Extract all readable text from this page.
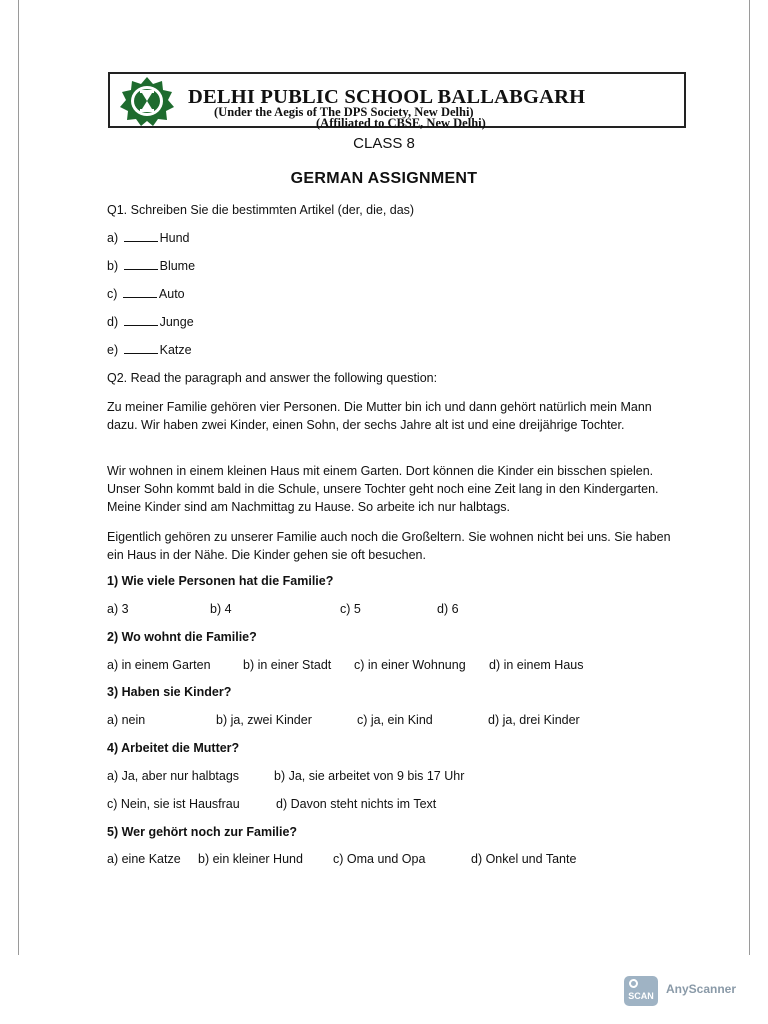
DELHI PUBLIC SCHOOL BALLABGARH
(Under the Aegis of The DPS Society, New Delhi)
(Affiliated to CBSE, New Delhi)
CLASS 8
GERMAN ASSIGNMENT
Q1. Schreiben Sie die bestimmten Artikel (der, die, das)
a)	Hund
b)	Blume
c)	Auto
d)	Junge
e)	Katze
Q2. Read the paragraph and answer the following question:
Zu meiner Familie gehören vier Personen. Die Mutter bin ich und dann gehört natürlich mein Mann dazu. Wir haben zwei Kinder, einen Sohn, der sechs Jahre alt ist und eine dreijährige Tochter.
Wir wohnen in einem kleinen Haus mit einem Garten. Dort können die Kinder ein bisschen spielen. Unser Sohn kommt bald in die Schule, unsere Tochter geht noch eine Zeit lang in den Kindergarten. Meine Kinder sind am Nachmittag zu Hause. So arbeite ich nur halbtags.
Eigentlich gehören zu unserer Familie auch noch die Großeltern. Sie wohnen nicht bei uns. Sie haben ein Haus in der Nähe. Die Kinder gehen sie oft besuchen.
1) Wie viele Personen hat die Familie?
a) 3	b) 4	c) 5	d) 6
2) Wo wohnt die Familie?
a) in einem Garten	b) in einer Stadt c) in einer Wohnung d) in einem Haus
3) Haben sie Kinder?
a) nein	b) ja, zwei Kinder	c) ja, ein Kind	d) ja, drei Kinder
4) Arbeitet die Mutter?
a) Ja, aber nur halbtags	b) Ja, sie arbeitet von 9 bis 17 Uhr
c) Nein, sie ist Hausfrau	d) Davon steht nichts im Text
5) Wer gehört noch zur Familie?
a) eine Katze b) ein kleiner Hund c) Oma und Opa	d) Onkel und Tante
SCAN	AnyScanner
